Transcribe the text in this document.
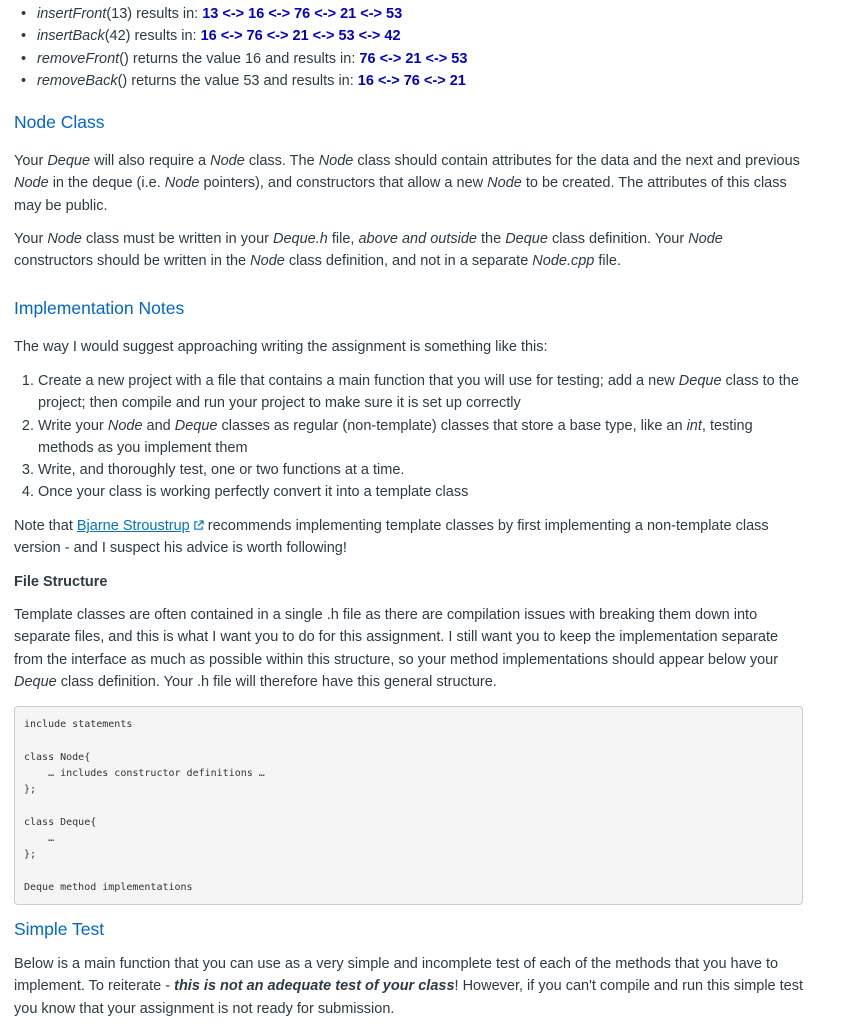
• insertFront(13) results in: 13 <-> 16 <-> 76 <-> 21 <-> 53
• insertBack(42) results in: 16 <-> 76 <-> 21 <-> 53 <-> 42
• removeFront() returns the value 16 and results in: 76 <-> 21 <-> 53
• removeBack() returns the value 53 and results in: 16 <-> 76 <-> 21
Node Class

Your Deque will also require a Node class. The Node class should contain attributes for the data and the next and previous Node in the deque (i.e. Node pointers), and constructors that allow a new Node to be created. The attributes of this class may be public.

Your Node class must be written in your Deque.h file, above and outside the Deque class definition. Your Node constructors should be written in the Node class definition, and not in a separate Node.cpp file.

Implementation Notes

The way I would suggest approaching writing the assignment is something like this:

1. Create a new project with a file that contains a main function that you will use for testing; add a new Deque class to the project; then compile and run your project to make sure it is set up correctly
2. Write your Node and Deque classes as regular (non-template) classes that store a base type, like an int, testing methods as you implement them
3. Write, and thoroughly test, one or two functions at a time.
4. Once your class is working perfectly convert it into a template class

Note that Bjarne Stroustrup recommends implementing template classes by first implementing a non-template class version - and I suspect his advice is worth following!

File Structure

Template classes are often contained in a single .h file as there are compilation issues with breaking them down into separate files, and this is what I want you to do for this assignment. I still want you to keep the implementation separate from the interface as much as possible within this structure, so your method implementations should appear below your Deque class definition. Your .h file will therefore have this general structure.

include statements

class Node{
… includes constructor definitions …
};

class Deque{
…
};

Deque method implementations
Simple Test

Below is a main function that you can use as a very simple and incomplete test of each of the methods that you have to implement. To reiterate - this is not an adequate test of your class! However, if you can't compile and run this simple test you know that your assignment is not ready for submission.
